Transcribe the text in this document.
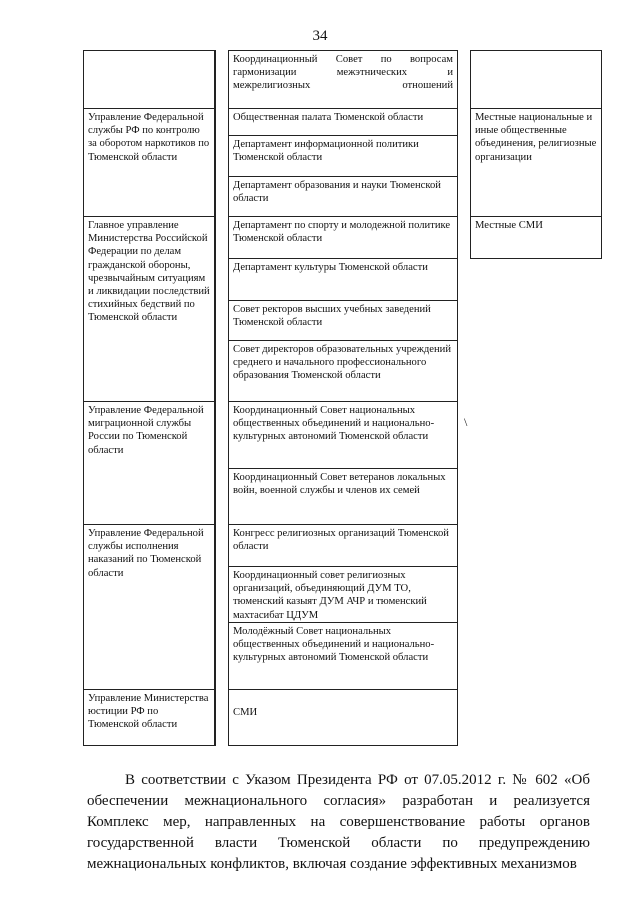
34
Управление Федеральной службы РФ по контролю за оборотом наркотиков по Тюменской области
Главное управление Министерства Российской Федерации по делам гражданской обороны, чрезвычайным ситуациям и ликвидации последствий стихийных бедствий по Тюменской области
Управление Федеральной миграционной службы России по Тюменской области
Управление Федеральной службы исполнения наказаний по Тюменской области
Управление Министерства юстиции РФ по Тюменской области
Координационный Совет по вопросам гармонизации межэтнических и межрелигиозных отношений
Общественная палата Тюменской области
Департамент информационной политики Тюменской области
Департамент образования и науки Тюменской области
Департамент по спорту и молодежной политике Тюменской области
Департамент культуры Тюменской области
Совет ректоров высших учебных заведений Тюменской области
Совет директоров образовательных учреждений среднего и начального профессионального образования Тюменской области
Координационный Совет национальных общественных объединений и национально-культурных автономий Тюменской области
Координационный Совет ветеранов локальных войн, военной службы и членов их семей
Конгресс религиозных организаций Тюменской области
Координационный совет религиозных организаций, объединяющий ДУМ ТО, тюменский казыят ДУМ АЧР и тюменский махтасибат ЦДУМ
Молодёжный Совет национальных общественных объединений и национально-культурных автономий Тюменской области
СМИ
Местные национальные и иные общественные объединения, религиозные организации
Местные СМИ
\
В соответствии с Указом Президента РФ от 07.05.2012 г. № 602 «Об обеспечении межнационального согласия» разработан и реализуется Комплекс мер, направленных на совершенствование работы органов государственной власти Тюменской области по предупреждению межнациональных конфликтов, включая создание эффективных механизмов
